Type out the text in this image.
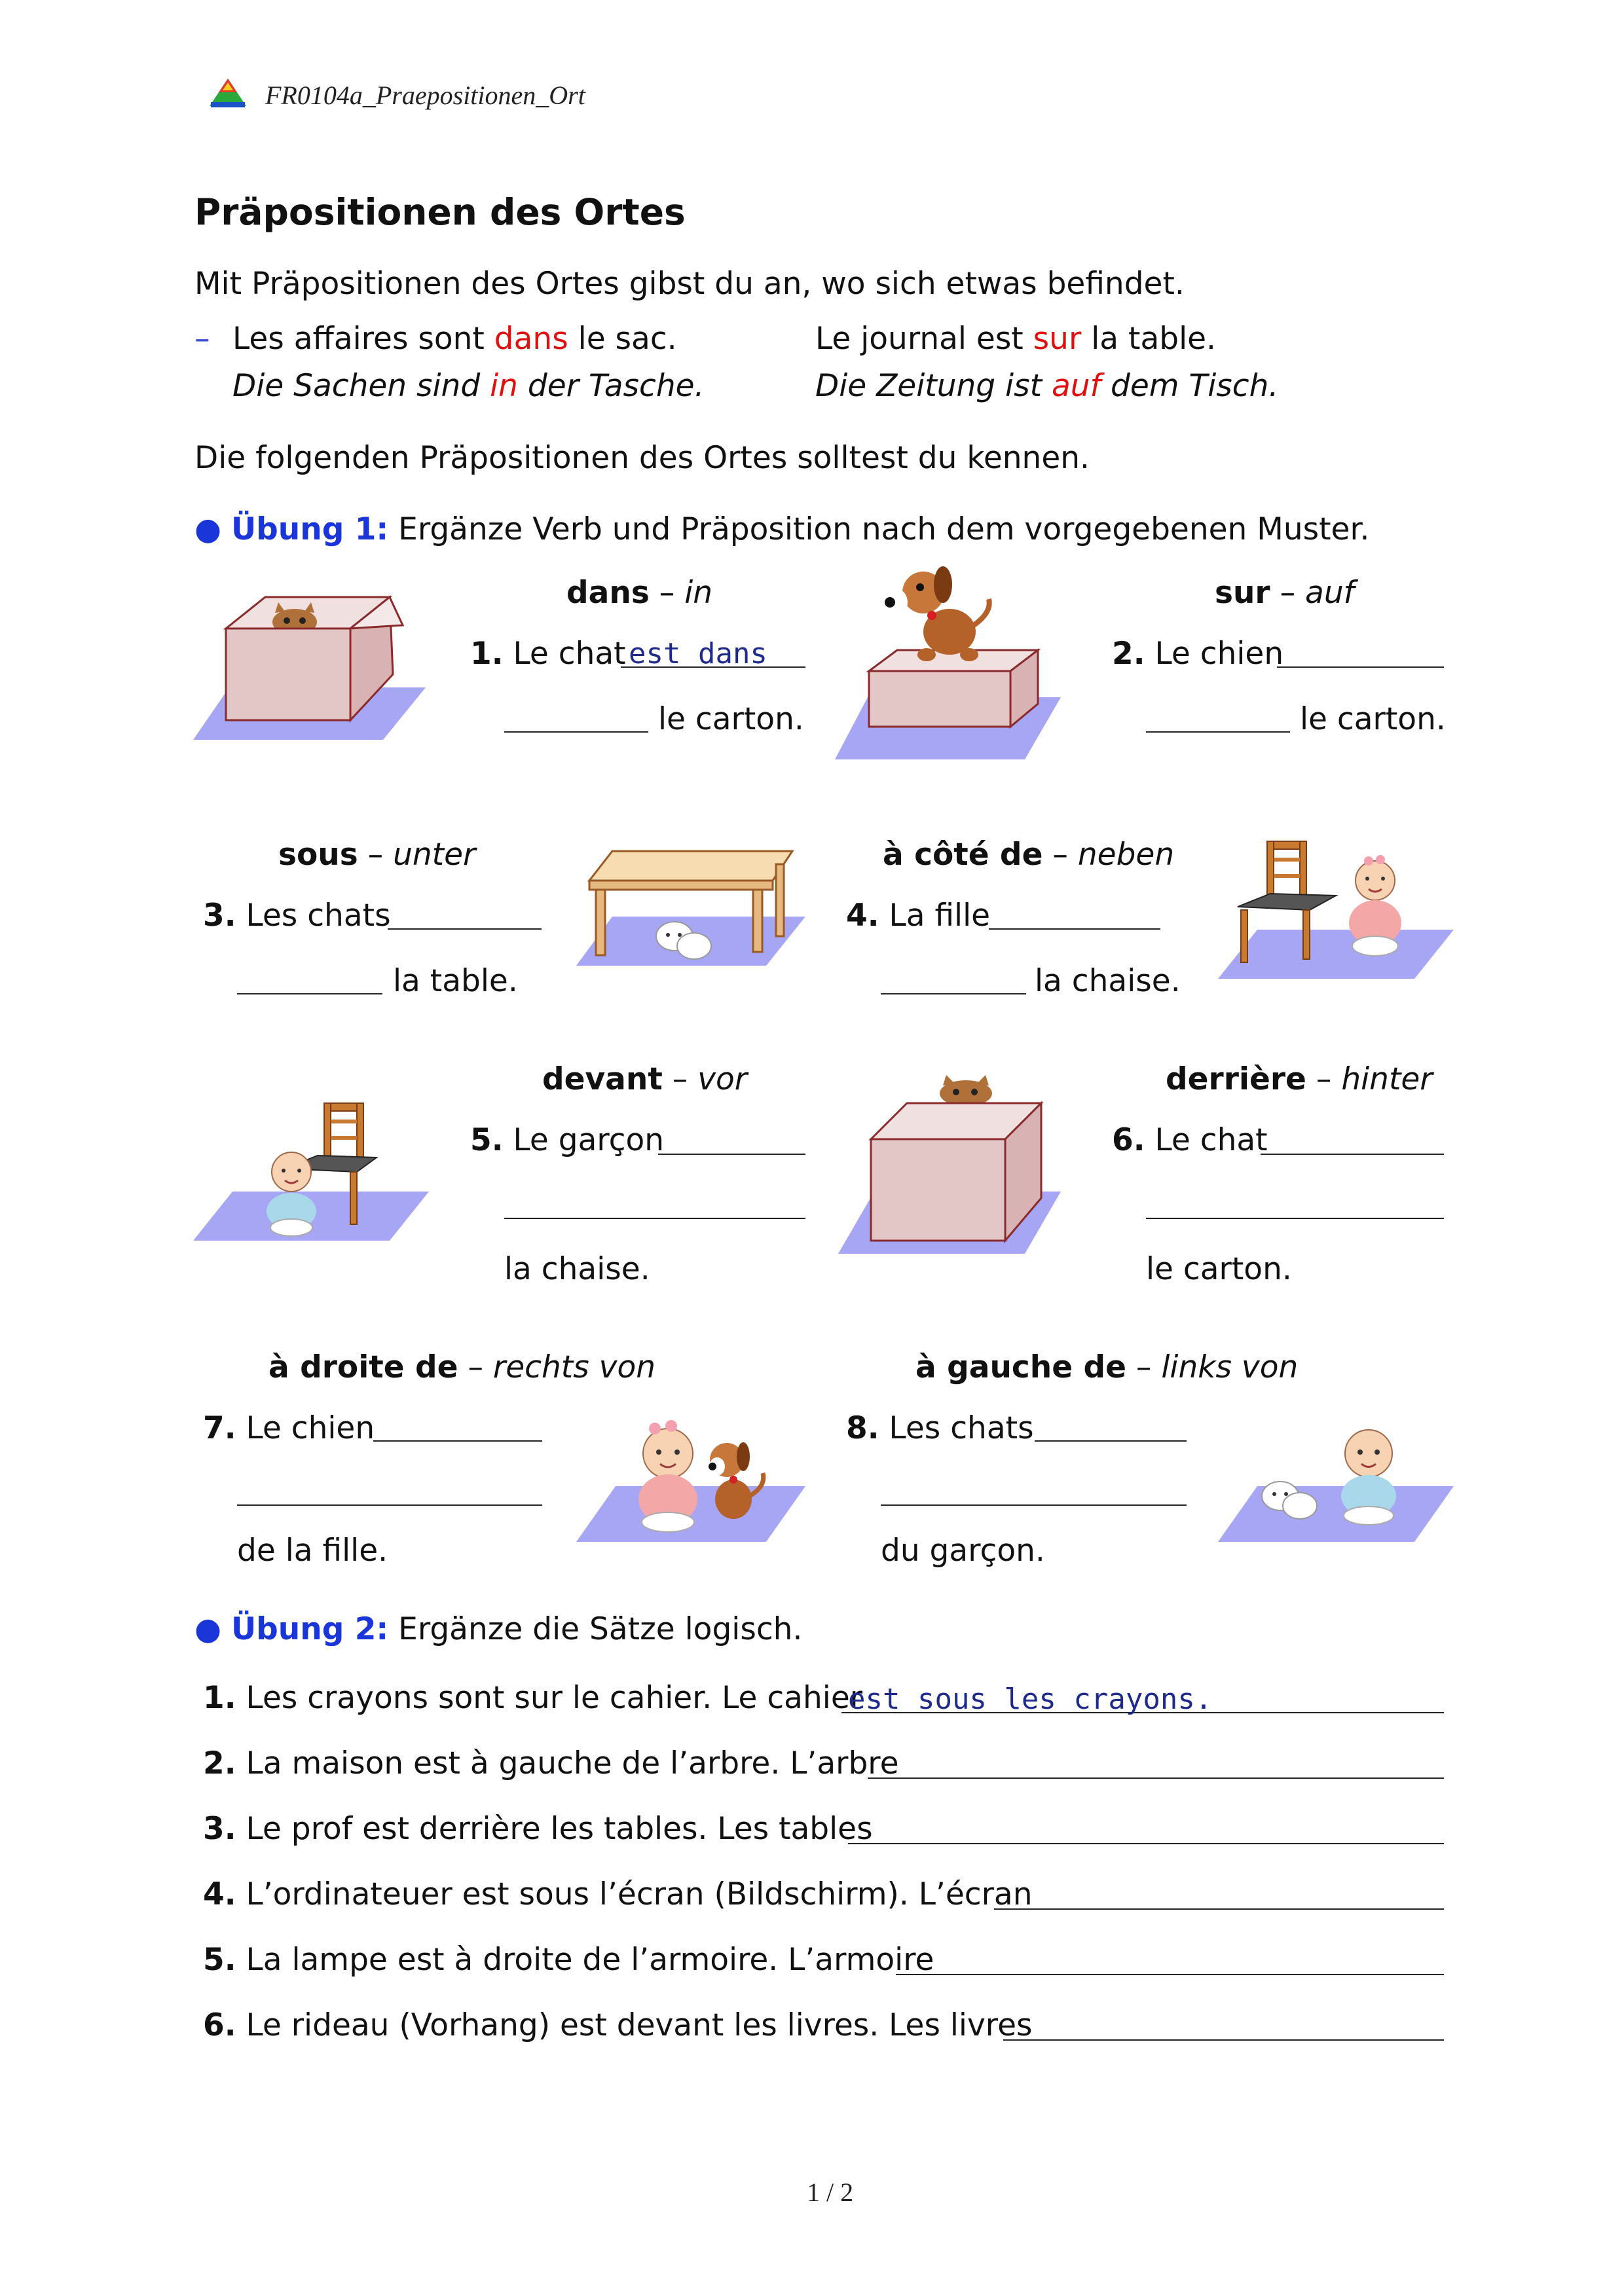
FR0104a_Praepositionen_Ort
Präpositionen des Ortes
Mit Präpositionen des Ortes gibst du an, wo sich etwas befindet.
– Les affaires sont dans le sac.
Die Sachen sind in der Tasche.
Le journal est sur la table.
Die Zeitung ist auf dem Tisch.
Die folgenden Präpositionen des Ortes solltest du kennen.
● Übung 1: Ergänze Verb und Präposition nach dem vorgegebenen Muster.
dans – in
1. Le chat est dans
le carton.
sur – auf
2. Le chien
le carton.
sous – unter
3. Les chats
la table.
à côté de – neben
4. La fille
la chaise.
devant – vor
5. Le garçon
la chaise.
derrière – hinter
6. Le chat
le carton.
à droite de – rechts von
7. Le chien
de la fille.
à gauche de – links von
8. Les chats
du garçon.
● Übung 2: Ergänze die Sätze logisch.
1. Les crayons sont sur le cahier. Le cahier
est sous les crayons.
2. La maison est à gauche de l’arbre. L’arbre
3. Le prof est derrière les tables. Les tables
4. L’ordinateuer est sous l’écran (Bildschirm). L’écran
5. La lampe est à droite de l’armoire. L’armoire
6. Le rideau (Vorhang) est devant les livres. Les livres
1 / 2
